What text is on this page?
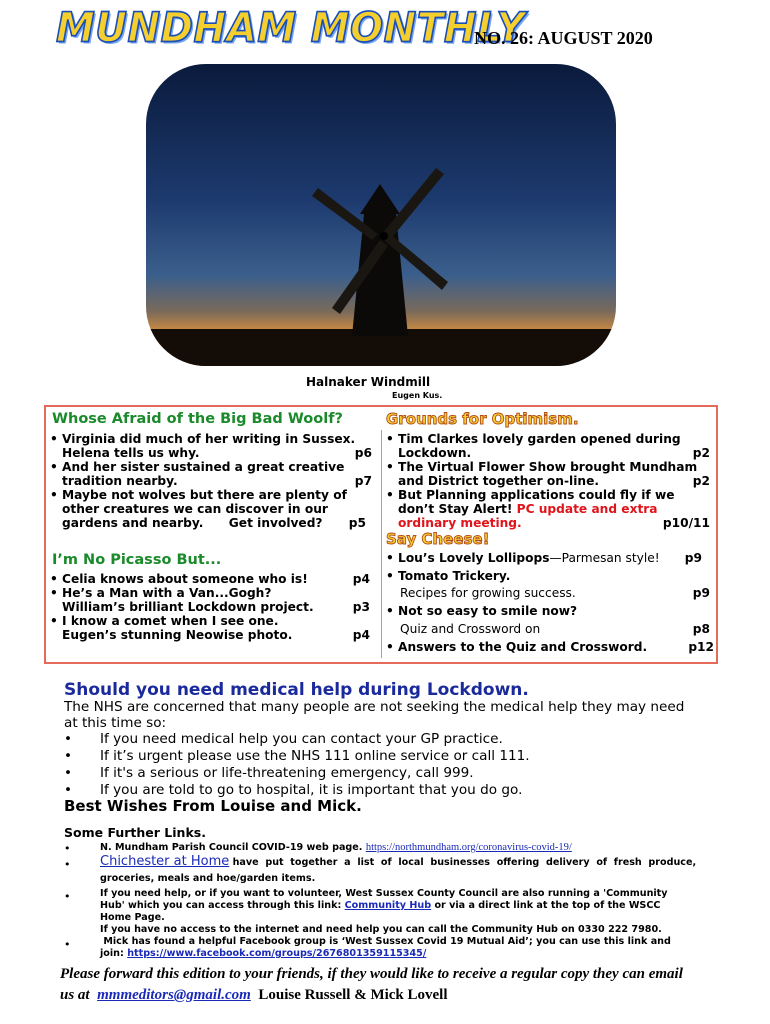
MUNDHAM MONTHLY
NO. 26: AUGUST 2020
Halnaker Windmill
Eugen Kus.
Whose Afraid of the Big Bad Woolf?
• Virginia did much of her writing in Sussex.
Helena tells us why.	p6
• And her sister sustained a great creative
tradition nearby.	p7
• Maybe not wolves but there are plenty of
other creatures we can discover in our
gardens and nearby.      Get involved? p5
I’m No Picasso But...
• Celia knows about someone who is!	p4
• He’s a Man with a Van...Gogh?
William’s brilliant Lockdown project.	p3
• I know a comet when I see one.
Eugen’s stunning Neowise photo.	p4
Grounds for Optimism.
• Tim Clarkes lovely garden opened during
Lockdown.	p2
• The Virtual Flower Show brought Mundham
and District together on-line.	p2
• But Planning applications could fly if we
don’t Stay Alert! PC update and extra
ordinary meeting.	p10/11
Say Cheese!
• Lou’s Lovely Lollipops—Parmesan style! p9
• Tomato Trickery.
Recipes for growing success.	p9
• Not so easy to smile now?
Quiz and Crossword on	p8
• Answers to the Quiz and Crossword.	p12
Should you need medical help during Lockdown.
The NHS are concerned that many people are not seeking the medical help they may need
at this time so:
• If you need medical help you can contact your GP practice.
• If it’s urgent please use the NHS 111 online service or call 111.
• If it's a serious or life-threatening emergency, call 999.
• If you are told to go to hospital, it is important that you do go.
Best Wishes From Louise and Mick.
Some Further Links.
•	N. Mundham Parish Council COVID-19 web page. https://northmundham.org/coronavirus-covid-19/
• Chichester at Home have  put  together  a  list  of  local  businesses  offering  delivery  of  fresh  produce,
groceries, meals and hoe/garden items.
•	If you need help, or if you want to volunteer, West Sussex County Council are also running a 'Community
Hub' which you can access through this link: Community Hub or via a direct link at the top of the WSCC
Home Page.
If you have no access to the internet and need help you can call the Community Hub on 0330 222 7980.
•	Mick has found a helpful Facebook group is ‘West Sussex Covid 19 Mutual Aid’; you can use this link and
join: https://www.facebook.com/groups/2676801359115345/
Please forward this edition to your friends, if they would like to receive a regular copy they can email
us at  mmmeditors@gmail.com Louise Russell & Mick Lovell
